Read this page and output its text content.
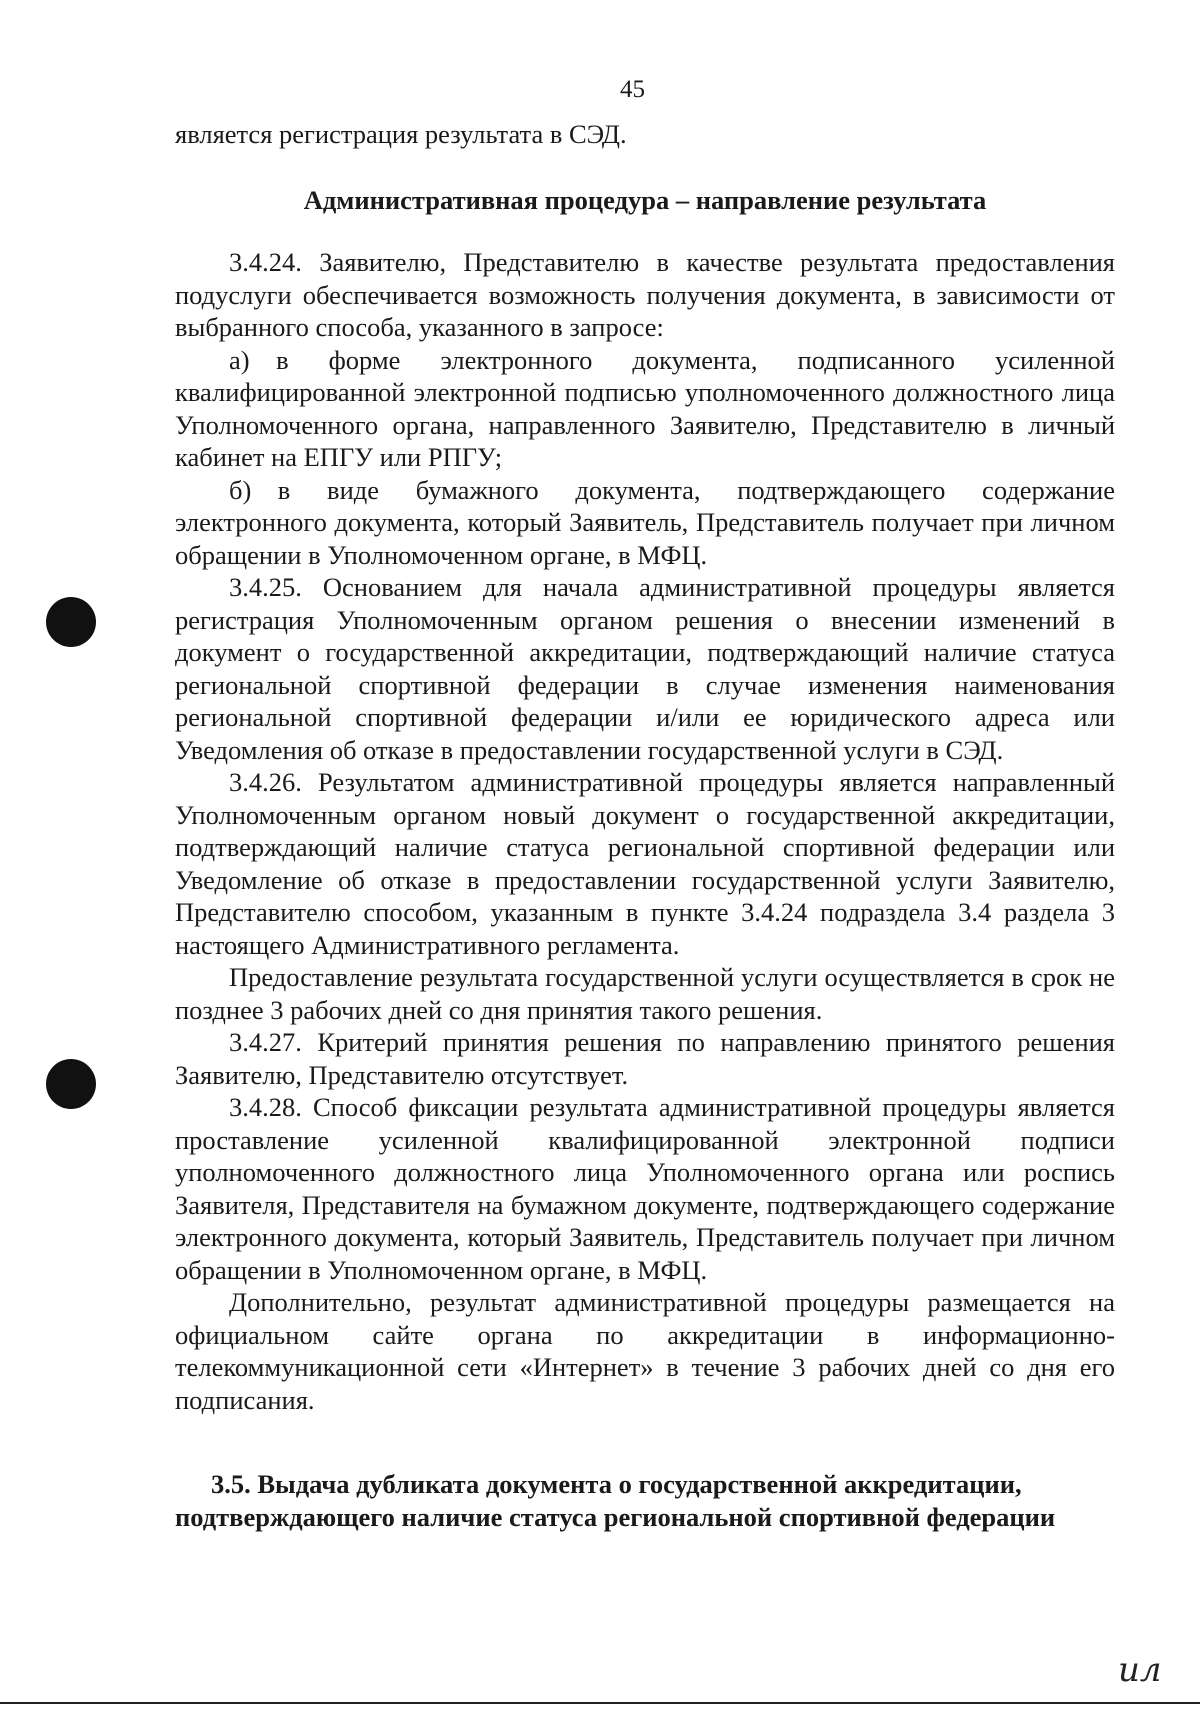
45

является регистрация результата в СЭД.

Административная процедура – направление результата

3.4.24. Заявителю, Представителю в качестве результата предоставления подуслуги обеспечивается возможность получения документа, в зависимости от выбранного способа, указанного в запросе:

а) в форме электронного документа, подписанного усиленной квалифицированной электронной подписью уполномоченного должностного лица Уполномоченного органа, направленного Заявителю, Представителю в личный кабинет на ЕПГУ или РПГУ;

б) в виде бумажного документа, подтверждающего содержание электронного документа, который Заявитель, Представитель получает при личном обращении в Уполномоченном органе, в МФЦ.

3.4.25. Основанием для начала административной процедуры является регистрация Уполномоченным органом решения о внесении изменений в документ о государственной аккредитации, подтверждающий наличие статуса региональной спортивной федерации в случае изменения наименования региональной спортивной федерации и/или ее юридического адреса или Уведомления об отказе в предоставлении государственной услуги в СЭД.

3.4.26. Результатом административной процедуры является направленный Уполномоченным органом новый документ о государственной аккредитации, подтверждающий наличие статуса региональной спортивной федерации или Уведомление об отказе в предоставлении государственной услуги Заявителю, Представителю способом, указанным в пункте 3.4.24 подраздела 3.4 раздела 3 настоящего Административного регламента.

Предоставление результата государственной услуги осуществляется в срок не позднее 3 рабочих дней со дня принятия такого решения.

3.4.27. Критерий принятия решения по направлению принятого решения Заявителю, Представителю отсутствует.

3.4.28. Способ фиксации результата административной процедуры является проставление усиленной квалифицированной электронной подписи уполномоченного должностного лица Уполномоченного органа или роспись Заявителя, Представителя на бумажном документе, подтверждающего содержание электронного документа, который Заявитель, Представитель получает при личном обращении в Уполномоченном органе, в МФЦ.

Дополнительно, результат административной процедуры размещается на официальном сайте органа по аккредитации в информационно-телекоммуникационной сети «Интернет» в течение 3 рабочих дней со дня его подписания.

3.5. Выдача дубликата документа о государственной аккредитации,
подтверждающего наличие статуса региональной спортивной федерации
ил
